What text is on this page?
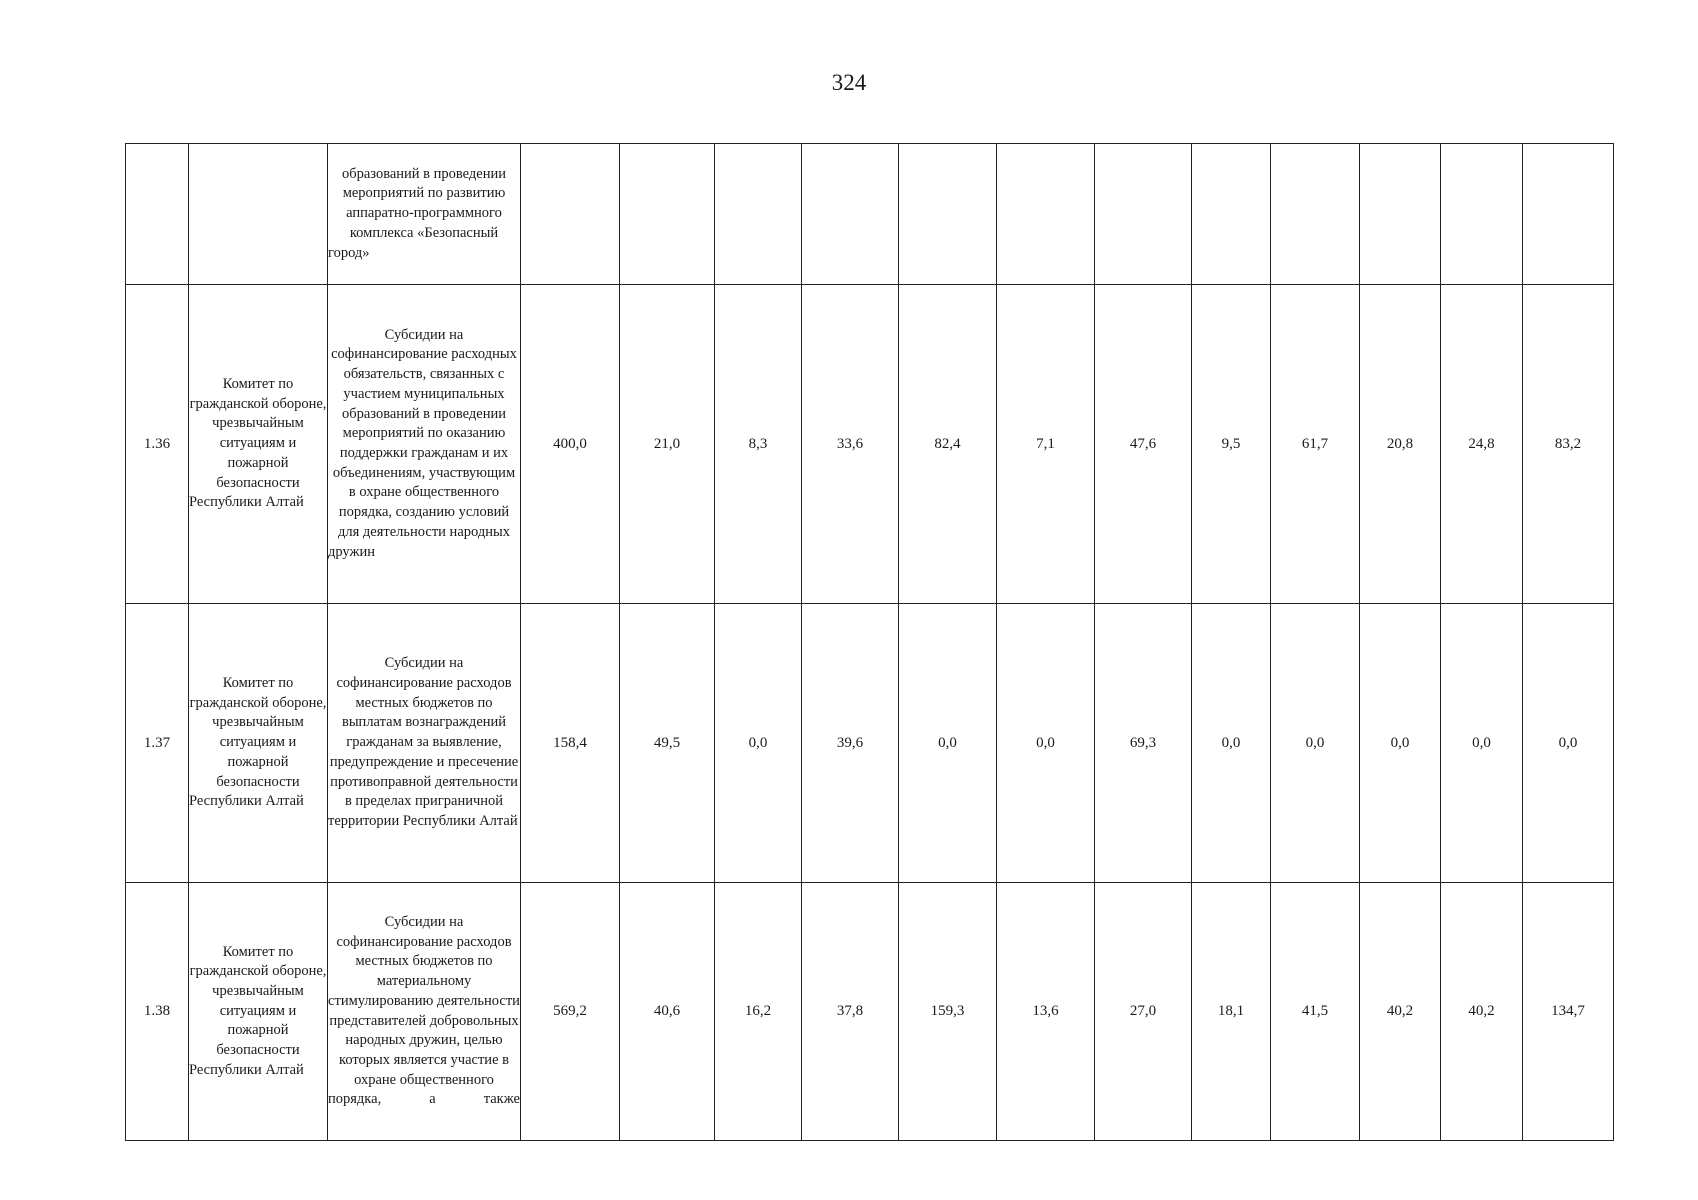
324
		образований в проведении мероприятий по развитию аппаратно-программного комплекса «Безопасный город»												
1.36	Комитет по гражданской обороне, чрезвычайным ситуациям и пожарной безопасности Республики Алтай	Субсидии на софинансирование расходных обязательств, связанных с участием муниципальных образований в проведении мероприятий по оказанию поддержки гражданам и их объединениям, участвующим в охране общественного порядка, созданию условий для деятельности народных дружин	400,0	21,0	8,3	33,6	82,4	7,1	47,6	9,5	61,7	20,8	24,8	83,2
1.37	Комитет по гражданской обороне, чрезвычайным ситуациям и пожарной безопасности Республики Алтай	Субсидии на софинансирование расходов местных бюджетов по выплатам вознаграждений гражданам за выявление, предупреждение и пресечение противоправной деятельности в пределах приграничной территории Республики Алтай	158,4	49,5	0,0	39,6	0,0	0,0	69,3	0,0	0,0	0,0	0,0	0,0
1.38	Комитет по гражданской обороне, чрезвычайным ситуациям и пожарной безопасности Республики Алтай	Субсидии на софинансирование расходов местных бюджетов по материальному стимулированию деятельности представителей добровольных народных дружин, целью которых является участие в охране общественного порядка, а также	569,2	40,6	16,2	37,8	159,3	13,6	27,0	18,1	41,5	40,2	40,2	134,7
